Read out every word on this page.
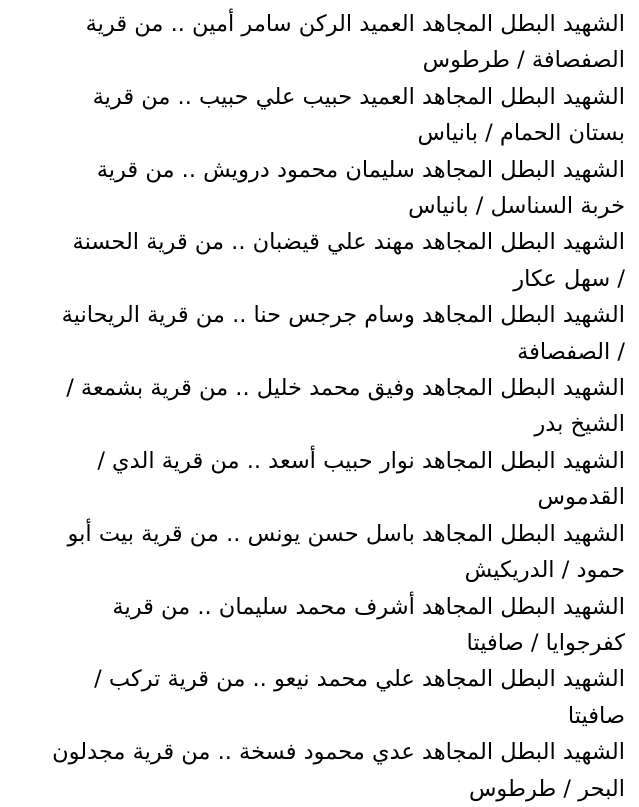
الشهيد البطل المجاهد العميد الركن سامر أمين .. من قرية
الصفصافة / طرطوس

الشهيد البطل المجاهد العميد حبيب علي حبيب .. من قرية
بستان الحمام / بانياس

الشهيد البطل المجاهد سليمان محمود درويش .. من قرية
خربة السناسل / بانياس

الشهيد البطل المجاهد مهند علي قيضبان .. من قرية الحسنة
/ سهل عكار

الشهيد البطل المجاهد وسام جرجس حنا .. من قرية الريحانية
/ الصفصافة

الشهيد البطل المجاهد وفيق محمد خليل .. من قرية بشمعة /
الشيخ بدر

الشهيد البطل المجاهد نوار حبيب أسعد .. من قرية الدي /
القدموس

الشهيد البطل المجاهد باسل حسن يونس .. من قرية بيت أبو
حمود / الدريكيش

الشهيد البطل المجاهد أشرف محمد سليمان .. من قرية
كفرجوايا / صافيتا

الشهيد البطل المجاهد علي محمد نيعو .. من قرية تركب /
صافيتا

الشهيد البطل المجاهد عدي محمود فسخة .. من قرية مجدلون
البحر / طرطوس
